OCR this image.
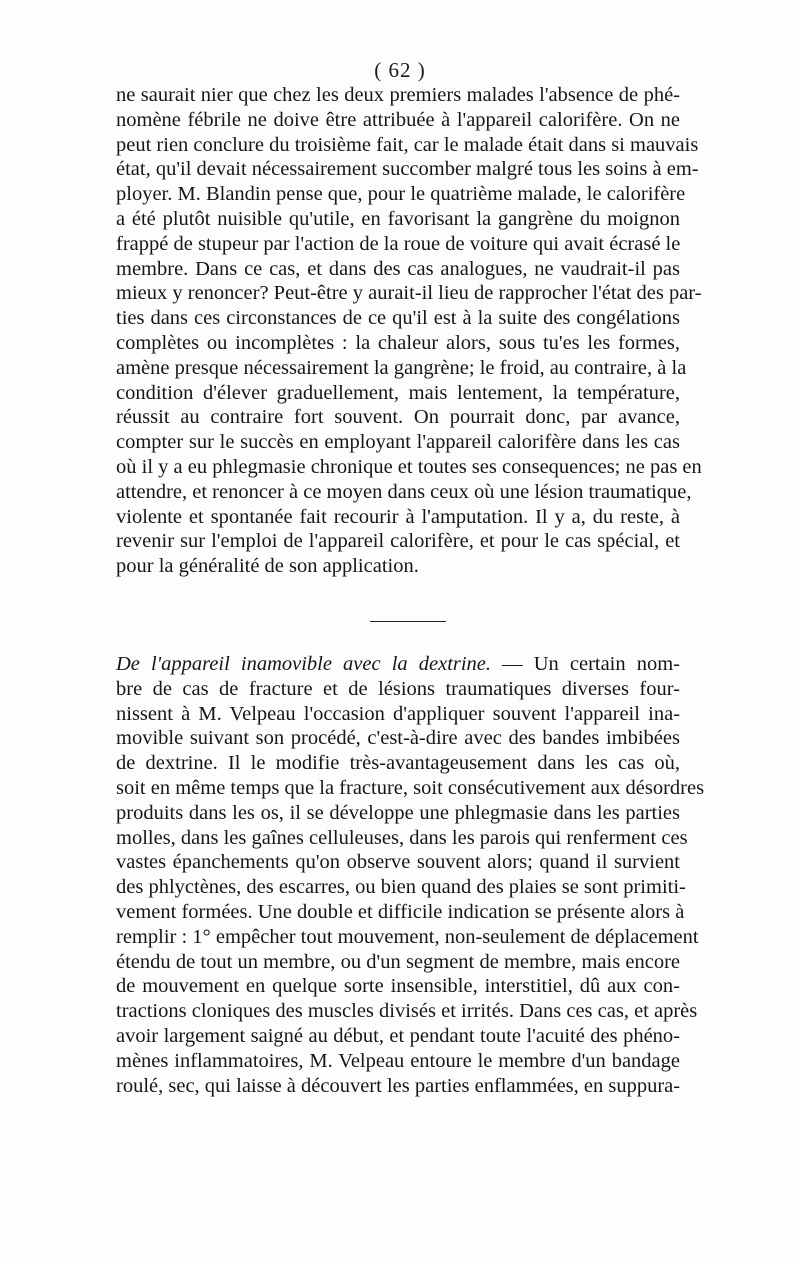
( 62 )
ne saurait nier que chez les deux premiers malades l'absence de phé-
nomène fébrile ne doive être attribuée à l'appareil calorifère. On ne
peut rien conclure du troisième fait, car le malade était dans si mauvais
état, qu'il devait nécessairement succomber malgré tous les soins à em-
ployer. M. Blandin pense que, pour le quatrième malade, le calorifère
a été plutôt nuisible qu'utile, en favorisant la gangrène du moignon
frappé de stupeur par l'action de la roue de voiture qui avait écrasé le
membre. Dans ce cas, et dans des cas analogues, ne vaudrait-il pas
mieux y renoncer? Peut-être y aurait-il lieu de rapprocher l'état des par-
ties dans ces circonstances de ce qu'il est à la suite des congélations
complètes ou incomplètes : la chaleur alors, sous tu'es les formes,
amène presque nécessairement la gangrène; le froid, au contraire, à la
condition d'élever graduellement, mais lentement, la température,
réussit au contraire fort souvent. On pourrait donc, par avance,
compter sur le succès en employant l'appareil calorifère dans les cas
où il y a eu phlegmasie chronique et toutes ses consequences; ne pas en
attendre, et renoncer à ce moyen dans ceux où une lésion traumatique,
violente et spontanée fait recourir à l'amputation. Il y a, du reste, à
revenir sur l'emploi de l'appareil calorifère, et pour le cas spécial, et
pour la généralité de son application.
De l'appareil inamovible avec la dextrine. — Un certain nom-
bre de cas de fracture et de lésions traumatiques diverses four-
nissent à M. Velpeau l'occasion d'appliquer souvent l'appareil ina-
movible suivant son procédé, c'est-à-dire avec des bandes imbibées
de dextrine. Il le modifie très-avantageusement dans les cas où,
soit en même temps que la fracture, soit consécutivement aux désordres
produits dans les os, il se développe une phlegmasie dans les parties
molles, dans les gaînes celluleuses, dans les parois qui renferment ces
vastes épanchements qu'on observe souvent alors; quand il survient
des phlyctènes, des escarres, ou bien quand des plaies se sont primiti-
vement formées. Une double et difficile indication se présente alors à
remplir : 1° empêcher tout mouvement, non-seulement de déplacement
étendu de tout un membre, ou d'un segment de membre, mais encore
de mouvement en quelque sorte insensible, interstitiel, dû aux con-
tractions cloniques des muscles divisés et irrités. Dans ces cas, et après
avoir largement saigné au début, et pendant toute l'acuité des phéno-
mènes inflammatoires, M. Velpeau entoure le membre d'un bandage
roulé, sec, qui laisse à découvert les parties enflammées, en suppura-
